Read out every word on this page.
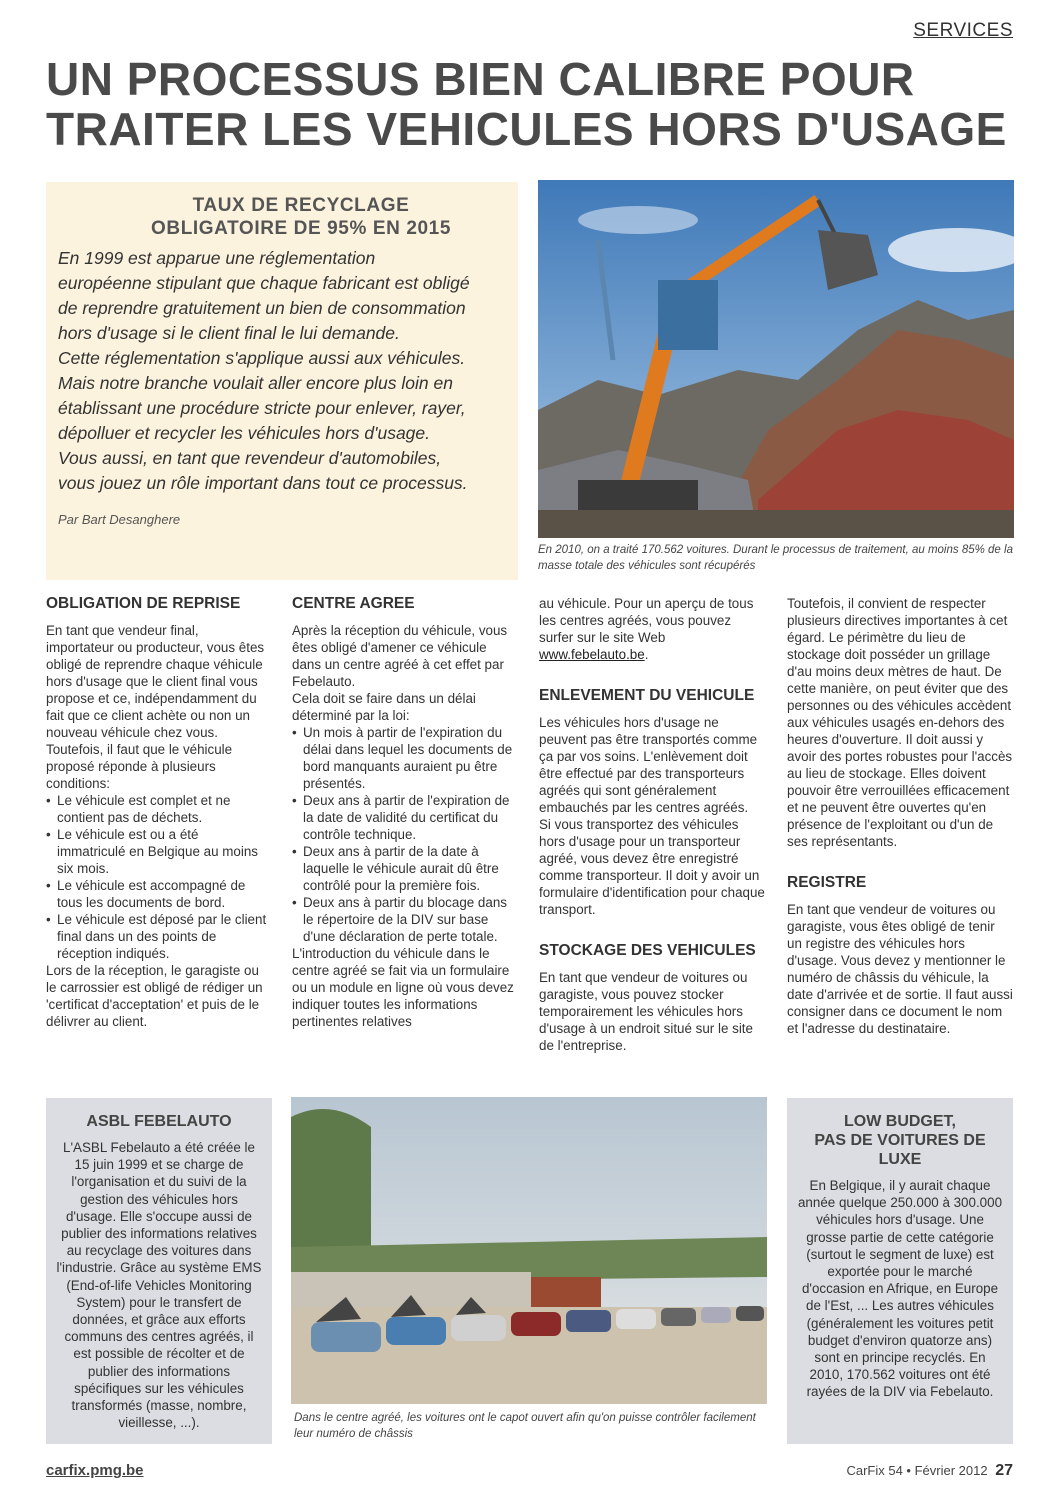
SERVICES
UN PROCESSUS BIEN CALIBRE POUR
TRAITER LES VEHICULES HORS D'USAGE
TAUX DE RECYCLAGE
OBLIGATOIRE DE 95% EN 2015

En 1999 est apparue une réglementation

européenne stipulant que chaque fabricant est obligé

de reprendre gratuitement un bien de consommation

hors d'usage si le client final le lui demande.

Cette réglementation s'applique aussi aux véhicules.

Mais notre branche voulait aller encore plus loin en

établissant une procédure stricte pour enlever, rayer,

dépolluer et recycler les véhicules hors d'usage.

Vous aussi, en tant que revendeur d'automobiles,

vous jouez un rôle important dans tout ce processus.

Par Bart Desanghere
En 2010, on a traité 170.562 voitures. Durant le processus de traitement, au moins 85% de la masse totale des véhicules sont récupérés
OBLIGATION DE REPRISE

En tant que vendeur final, importateur ou producteur, vous êtes obligé de reprendre chaque véhicule hors d'usage que le client final vous propose et ce, indépendamment du fait que ce client achète ou non un nouveau véhicule chez vous. Toutefois, il faut que le véhicule proposé réponde à plusieurs conditions:

• Le véhicule est complet et ne contient pas de déchets.
• Le véhicule est ou a été immatriculé en Belgique au moins six mois.
• Le véhicule est accompagné de tous les documents de bord.
• Le véhicule est déposé par le client final dans un des points de réception indiqués.

Lors de la réception, le garagiste ou le carrossier est obligé de rédiger un 'certificat d'acceptation' et puis de le délivrer au client.

CENTRE AGREE

Après la réception du véhicule, vous êtes obligé d'amener ce véhicule dans un centre agréé à cet effet par Febelauto.

Cela doit se faire dans un délai déterminé par la loi:

• Un mois à partir de l'expiration du délai dans lequel les documents de bord manquants auraient pu être présentés.
• Deux ans à partir de l'expiration de la date de validité du certificat du contrôle technique.
• Deux ans à partir de la date à laquelle le véhicule aurait dû être contrôlé pour la première fois.
• Deux ans à partir du blocage dans le répertoire de la DIV sur base d'une déclaration de perte totale.

L'introduction du véhicule dans le centre agréé se fait via un formulaire ou un module en ligne où vous devez indiquer toutes les informations pertinentes relatives

au véhicule. Pour un aperçu de tous les centres agréés, vous pouvez surfer sur le site Web www.febelauto.be.

ENLEVEMENT DU VEHICULE

Les véhicules hors d'usage ne peuvent pas être transportés comme ça par vos soins. L'enlèvement doit être effectué par des transporteurs agréés qui sont généralement embauchés par les centres agréés.

Si vous transportez des véhicules hors d'usage pour un transporteur agréé, vous devez être enregistré comme transporteur. Il doit y avoir un formulaire d'identification pour chaque transport.

STOCKAGE DES VEHICULES

En tant que vendeur de voitures ou garagiste, vous pouvez stocker temporairement les véhicules hors d'usage à un endroit situé sur le site de l'entreprise.

Toutefois, il convient de respecter plusieurs directives importantes à cet égard. Le périmètre du lieu de stockage doit posséder un grillage d'au moins deux mètres de haut. De cette manière, on peut éviter que des personnes ou des véhicules accèdent aux véhicules usagés en-dehors des heures d'ouverture. Il doit aussi y avoir des portes robustes pour l'accès au lieu de stockage. Elles doivent pouvoir être verrouillées efficacement et ne peuvent être ouvertes qu'en présence de l'exploitant ou d'un de ses représentants.

REGISTRE

En tant que vendeur de voitures ou garagiste, vous êtes obligé de tenir un registre des véhicules hors d'usage. Vous devez y mentionner le numéro de châssis du véhicule, la date d'arrivée et de sortie. Il faut aussi consigner dans ce document le nom et l'adresse du destinataire.

ASBL FEBELAUTO

L'ASBL Febelauto a été créée le 15 juin 1999 et se charge de l'organisation et du suivi de la gestion des véhicules hors d'usage. Elle s'occupe aussi de publier des informations relatives au recyclage des voitures dans l'industrie. Grâce au système EMS (End-of-life Vehicles Monitoring System) pour le transfert de données, et grâce aux efforts communs des centres agréés, il est possible de récolter et de publier des informations spécifiques sur les véhicules transformés (masse, nombre, vieillesse, ...).	Dans le centre agréé, les voitures ont le capot ouvert afin qu'on puisse contrôler facilement leur numéro de châssis
LOW BUDGET,
PAS DE VOITURES DE LUXE

En Belgique, il y aurait chaque année quelque 250.000 à 300.000 véhicules hors d'usage. Une grosse partie de cette catégorie (surtout le segment de luxe) est exportée pour le marché d'occasion en Afrique, en Europe de l'Est, ... Les autres véhicules (généralement les voitures petit budget d'environ quatorze ans) sont en principe recyclés. En 2010, 170.562 voitures ont été rayées de la DIV via Febelauto.

carfix.pmg.be	CarFix 54 • Février 2012 27
